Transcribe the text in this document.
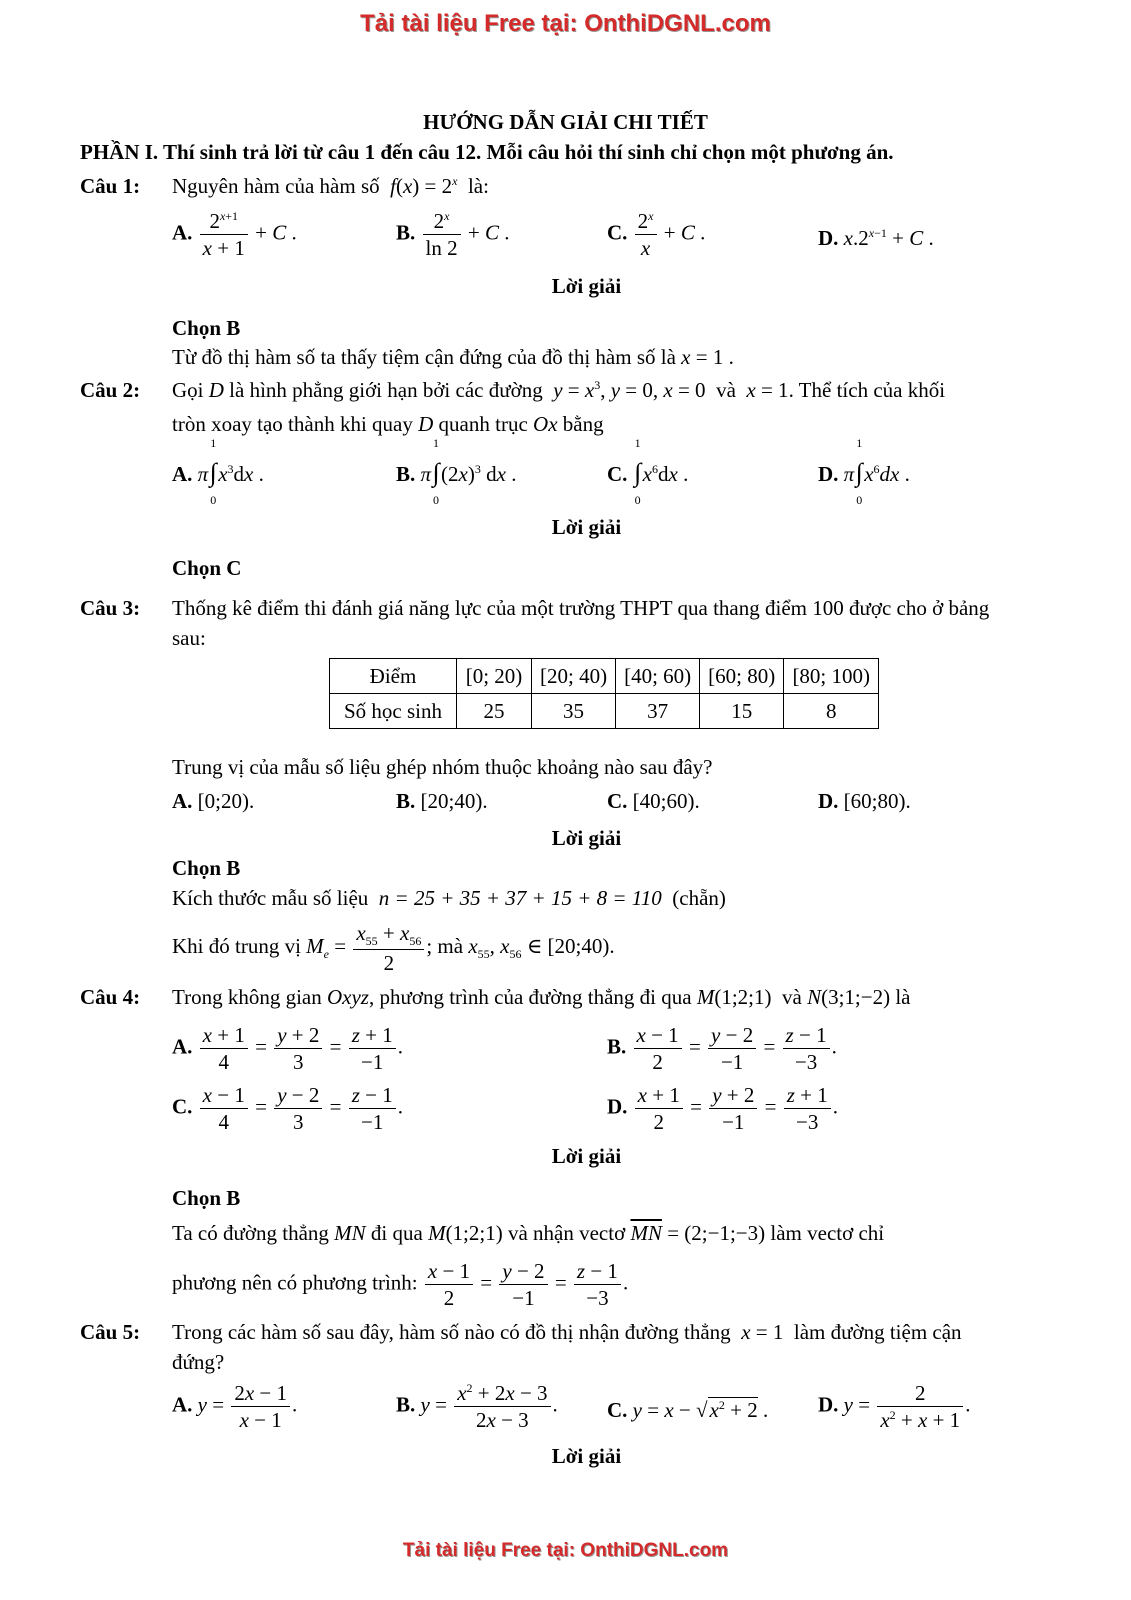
Tải tài liệu Free tại: OnthiDGNL.com
HƯỚNG DẪN GIẢI CHI TIẾT
PHẦN I. Thí sinh trả lời từ câu 1 đến câu 12. Mỗi câu hỏi thí sinh chỉ chọn một phương án.
Câu 1: Nguyên hàm của hàm số  $f(x) = 2^x$ là:
A. $\frac{2^{x+1}}{x + 1} + C$ .	B. $\frac{2^x}{\ln 2} + C$ .	C. $\frac{2^x}{x} + C$ .	D. $x.2^{x-1} + C$ .
Lời giải
Chọn B
Từ đồ thị hàm số ta thấy tiệm cận đứng của đồ thị hàm số là x = 1 .
Câu 2: Gọi D là hình phẳng giới hạn bởi các đường $y = x^3$, y = 0, x = 0  và x = 1. Thể tích của khối
tròn xoay tạo thành khi quay D quanh trục Ox bằng
A. π∫
1
0
$x^3dx$ .	B. π∫
1
0
$(2x)^3$ dx .	C. ∫
1
0
$x^6dx$ .	D. π∫
1
0
$x^6dx$ .
Lời giải
Chọn C
Câu 3: Thống kê điểm thi đánh giá năng lực của một trường THPT qua thang điểm 100 được cho ở bảng
sau:
Điểm	[0; 20)	[20; 40)	[40; 60)	[60; 80)	[80; 100)
Số học sinh	25	35	37	15	8
Trung vị của mẫu số liệu ghép nhóm thuộc khoảng nào sau đây?
A. [0;20).	B. [20;40).	C. [40;60).	D. [60;80).
Lời giải
Chọn B
Kích thước mẫu số liệu n = 25 + 35 + 37 + 15 + 8 = 110 (chẵn)
Khi đó trung vị $M_e = \frac{x_{55} + x_{56}}{2}$ ; mà $x_{55}$, $x_{56}$ ∈ [20;40).
Câu 4: Trong không gian Oxyz, phương trình của đường thẳng đi qua M(1;2;1)  và N(3;1;−2) là
A. $\frac{x + 1}{4} = \frac{y + 2}{3} = \frac{z + 1}{-1}$ .	B. $\frac{x - 1}{2} = \frac{y - 2}{-1} = \frac{z - 1}{-3}$ .
C. $\frac{x - 1}{4} = \frac{y - 2}{3} = \frac{z - 1}{-1}$ .	D. $\frac{x + 1}{2} = \frac{y + 2}{-1} = \frac{z + 1}{-3}$ .
Lời giải
Chọn B
Ta có đường thẳng MN đi qua M(1;2;1) và nhận vectơ $\overline{MN}$ = (2;−1;−3) làm vectơ chỉ
phương nên có phương trình: $\frac{x - 1}{2} = \frac{y - 2}{-1} = \frac{z - 1}{-3}$ .
Câu 5: Trong các hàm số sau đây, hàm số nào có đồ thị nhận đường thẳng x = 1  làm đường tiệm cận
đứng?
A. $y = \frac{2x - 1}{x - 1}$ .	B. $y = \frac{x^2 + 2x - 3}{2x - 3}$ . C. $y = x - √x^2 + 2$ . D. $y = \frac{2}{x^2 + x + 1}$ .
Lời giải
Tải tài liệu Free tại: OnthiDGNL.com
